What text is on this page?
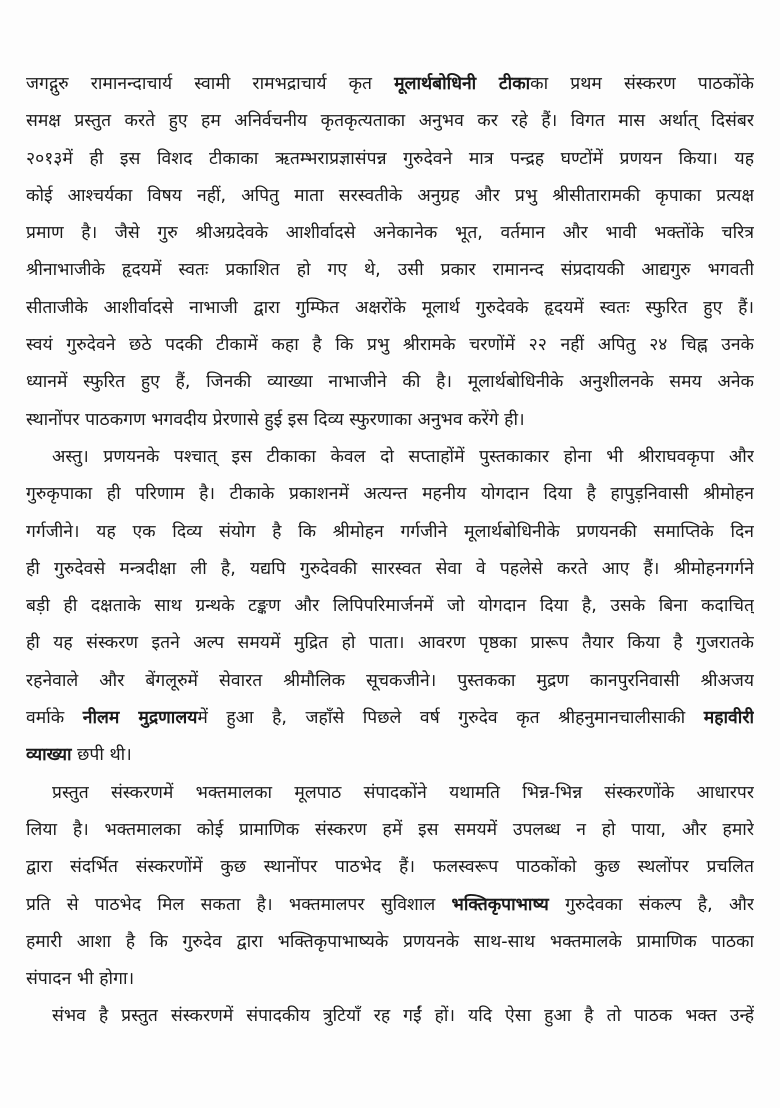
जगद्गुरु रामानन्दाचार्य स्वामी रामभद्राचार्य कृत मूलार्थबोधिनी टीकाका प्रथम संस्करण पाठकोंके
समक्ष प्रस्तुत करते हुए हम अनिर्वचनीय कृतकृत्यताका अनुभव कर रहे हैं। विगत मास अर्थात् दिसंबर
२०१३में ही इस विशद टीकाका ऋतम्भराप्रज्ञासंपन्न गुरुदेवने मात्र पन्द्रह घण्टोंमें प्रणयन किया। यह
कोई आश्चर्यका विषय नहीं, अपितु माता सरस्वतीके अनुग्रह और प्रभु श्रीसीतारामकी कृपाका प्रत्यक्ष
प्रमाण है। जैसे गुरु श्रीअग्रदेवके आशीर्वादसे अनेकानेक भूत, वर्तमान और भावी भक्तोंके चरित्र
श्रीनाभाजीके हृदयमें स्वतः प्रकाशित हो गए थे, उसी प्रकार रामानन्द संप्रदायकी आद्यगुरु भगवती
सीताजीके आशीर्वादसे नाभाजी द्वारा गुम्फित अक्षरोंके मूलार्थ गुरुदेवके हृदयमें स्वतः स्फुरित हुए हैं।
स्वयं गुरुदेवने छठे पदकी टीकामें कहा है कि प्रभु श्रीरामके चरणोंमें २२ नहीं अपितु २४ चिह्न उनके
ध्यानमें स्फुरित हुए हैं, जिनकी व्याख्या नाभाजीने की है। मूलार्थबोधिनीके अनुशीलनके समय अनेक
स्थानोंपर पाठकगण भगवदीय प्रेरणासे हुई इस दिव्य स्फुरणाका अनुभव करेंगे ही।
अस्तु। प्रणयनके पश्चात् इस टीकाका केवल दो सप्ताहोंमें पुस्तकाकार होना भी श्रीराघवकृपा और
गुरुकृपाका ही परिणाम है। टीकाके प्रकाशनमें अत्यन्त महनीय योगदान दिया है हापुड़निवासी श्रीमोहन
गर्गजीने। यह एक दिव्य संयोग है कि श्रीमोहन गर्गजीने मूलार्थबोधिनीके प्रणयनकी समाप्तिके दिन
ही गुरुदेवसे मन्त्रदीक्षा ली है, यद्यपि गुरुदेवकी सारस्वत सेवा वे पहलेसे करते आए हैं। श्रीमोहनगर्गने
बड़ी ही दक्षताके साथ ग्रन्थके टङ्कण और लिपिपरिमार्जनमें जो योगदान दिया है, उसके बिना कदाचित्
ही यह संस्करण इतने अल्प समयमें मुद्रित हो पाता। आवरण पृष्ठका प्रारूप तैयार किया है गुजरातके
रहनेवाले और बेंगलूरुमें सेवारत श्रीमौलिक सूचकजीने। पुस्तकका मुद्रण कानपुरनिवासी श्रीअजय
वर्माके नीलम मुद्रणालयमें हुआ है, जहाँसे पिछले वर्ष गुरुदेव कृत श्रीहनुमानचालीसाकी महावीरी
व्याख्या छपी थी।
प्रस्तुत संस्करणमें भक्तमालका मूलपाठ संपादकोंने यथामति भिन्न-भिन्न संस्करणोंके आधारपर
लिया है। भक्तमालका कोई प्रामाणिक संस्करण हमें इस समयमें उपलब्ध न हो पाया, और हमारे
द्वारा संदर्भित संस्करणोंमें कुछ स्थानोंपर पाठभेद हैं। फलस्वरूप पाठकोंको कुछ स्थलोंपर प्रचलित
प्रति से पाठभेद मिल सकता है। भक्तमालपर सुविशाल भक्तिकृपाभाष्य गुरुदेवका संकल्प है, और
हमारी आशा है कि गुरुदेव द्वारा भक्तिकृपाभाष्यके प्रणयनके साथ-साथ भक्तमालके प्रामाणिक पाठका
संपादन भी होगा।
संभव है प्रस्तुत संस्करणमें संपादकीय त्रुटियाँ रह गईं हों। यदि ऐसा हुआ है तो पाठक भक्त उन्हें
